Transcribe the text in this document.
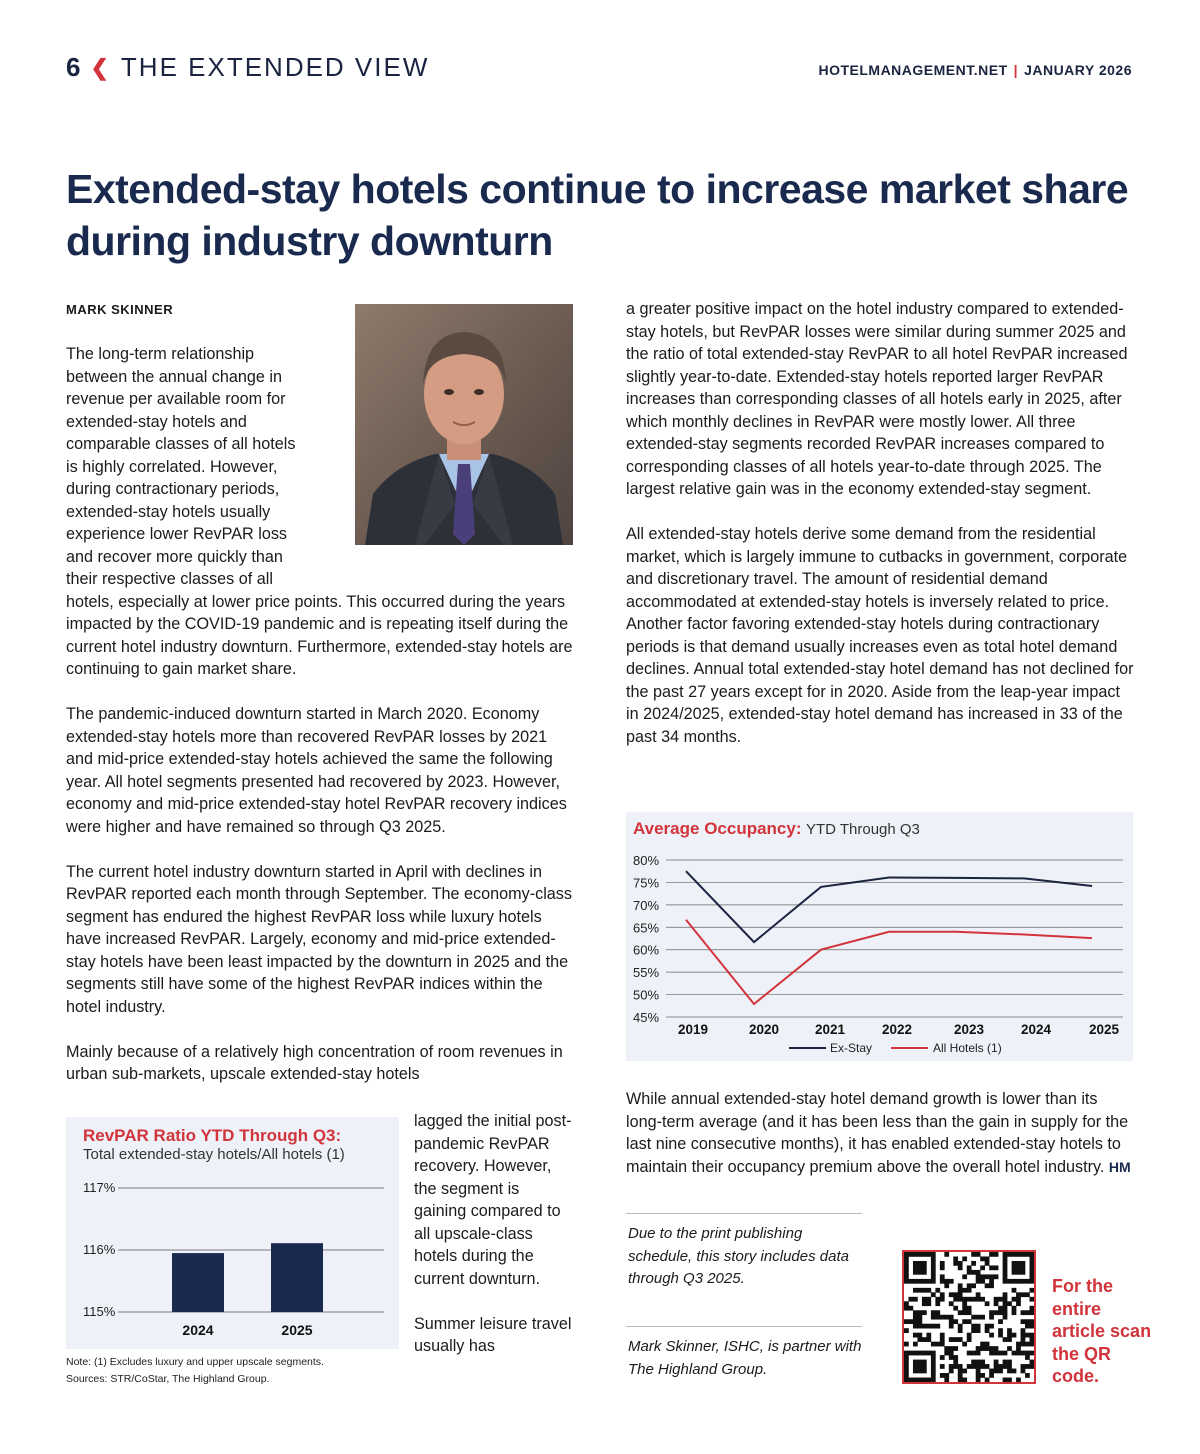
6 ❮ THE EXTENDED VIEW	HOTELMANAGEMENT.NET | JANUARY 2026
Extended-stay hotels continue to increase market share during industry downturn
MARK SKINNER

The long-term relationship between the annual change in revenue per available room for extended-stay hotels and comparable classes of all hotels is highly correlated. However, during contractionary periods, extended-stay hotels usually experience lower RevPAR loss and recover more quickly than their respective classes of all hotels, especially at lower price points. This occurred during the years impacted by the COVID-19 pandemic and is repeating itself during the current hotel industry downturn. Furthermore, extended-stay hotels are continuing to gain market share.

The pandemic-induced downturn started in March 2020. Economy extended-stay hotels more than recovered RevPAR losses by 2021 and mid-price extended-stay hotels achieved the same the following year. All hotel segments presented had recovered by 2023. However, economy and mid-price extended-stay hotel RevPAR recovery indices were higher and have remained so through Q3 2025.

The current hotel industry downturn started in April with declines in RevPAR reported each month through September. The economy-class segment has endured the highest RevPAR loss while luxury hotels have increased RevPAR. Largely, economy and mid-price extended-stay hotels have been least impacted by the downturn in 2025 and the segments still have some of the highest RevPAR indices within the hotel industry.

Mainly because of a relatively high concentration of room revenues in urban sub-markets, upscale extended-stay hotels

lagged the initial post-pandemic RevPAR recovery. However, the segment is gaining compared to all upscale-class hotels during the current downturn.

Summer leisure travel usually has

RevPAR Ratio YTD Through Q3:
Total extended-stay hotels/All hotels (1)
115%
116%
117%
2024	2025
Note: (1) Excludes luxury and upper upscale segments.
Sources: STR/CoStar, The Highland Group.

a greater positive impact on the hotel industry compared to extended-stay hotels, but RevPAR losses were similar during summer 2025 and the ratio of total extended-stay RevPAR to all hotel RevPAR increased slightly year-to-date. Extended-stay hotels reported larger RevPAR increases than corresponding classes of all hotels early in 2025, after which monthly declines in RevPAR were mostly lower. All three extended-stay segments recorded RevPAR increases compared to corresponding classes of all hotels year-to-date through 2025. The largest relative gain was in the economy extended-stay segment.

All extended-stay hotels derive some demand from the residential market, which is largely immune to cutbacks in government, corporate and discretionary travel. The amount of residential demand accommodated at extended-stay hotels is inversely related to price. Another factor favoring extended-stay hotels during contractionary periods is that demand usually increases even as total hotel demand declines. Annual total extended-stay hotel demand has not declined for the past 27 years except for in 2020. Aside from the leap-year impact in 2024/2025, extended-stay hotel demand has increased in 33 of the past 34 months.

Average Occupancy: YTD Through Q3
45%
50%
55%
60%
65%
70%
75%
80%
2019	2020	2021	2022	2023	2024	2025
Ex-Stay	All Hotels (1)
While annual extended-stay hotel demand growth is lower than its long-term average (and it has been less than the gain in supply for the last nine consecutive months), it has enabled extended-stay hotels to maintain their occupancy premium above the overall hotel industry. HM
Due to the print publishing schedule, this story includes data through Q3 2025.
Mark Skinner, ISHC, is partner with The Highland Group.
For the entire article scan the QR code.
